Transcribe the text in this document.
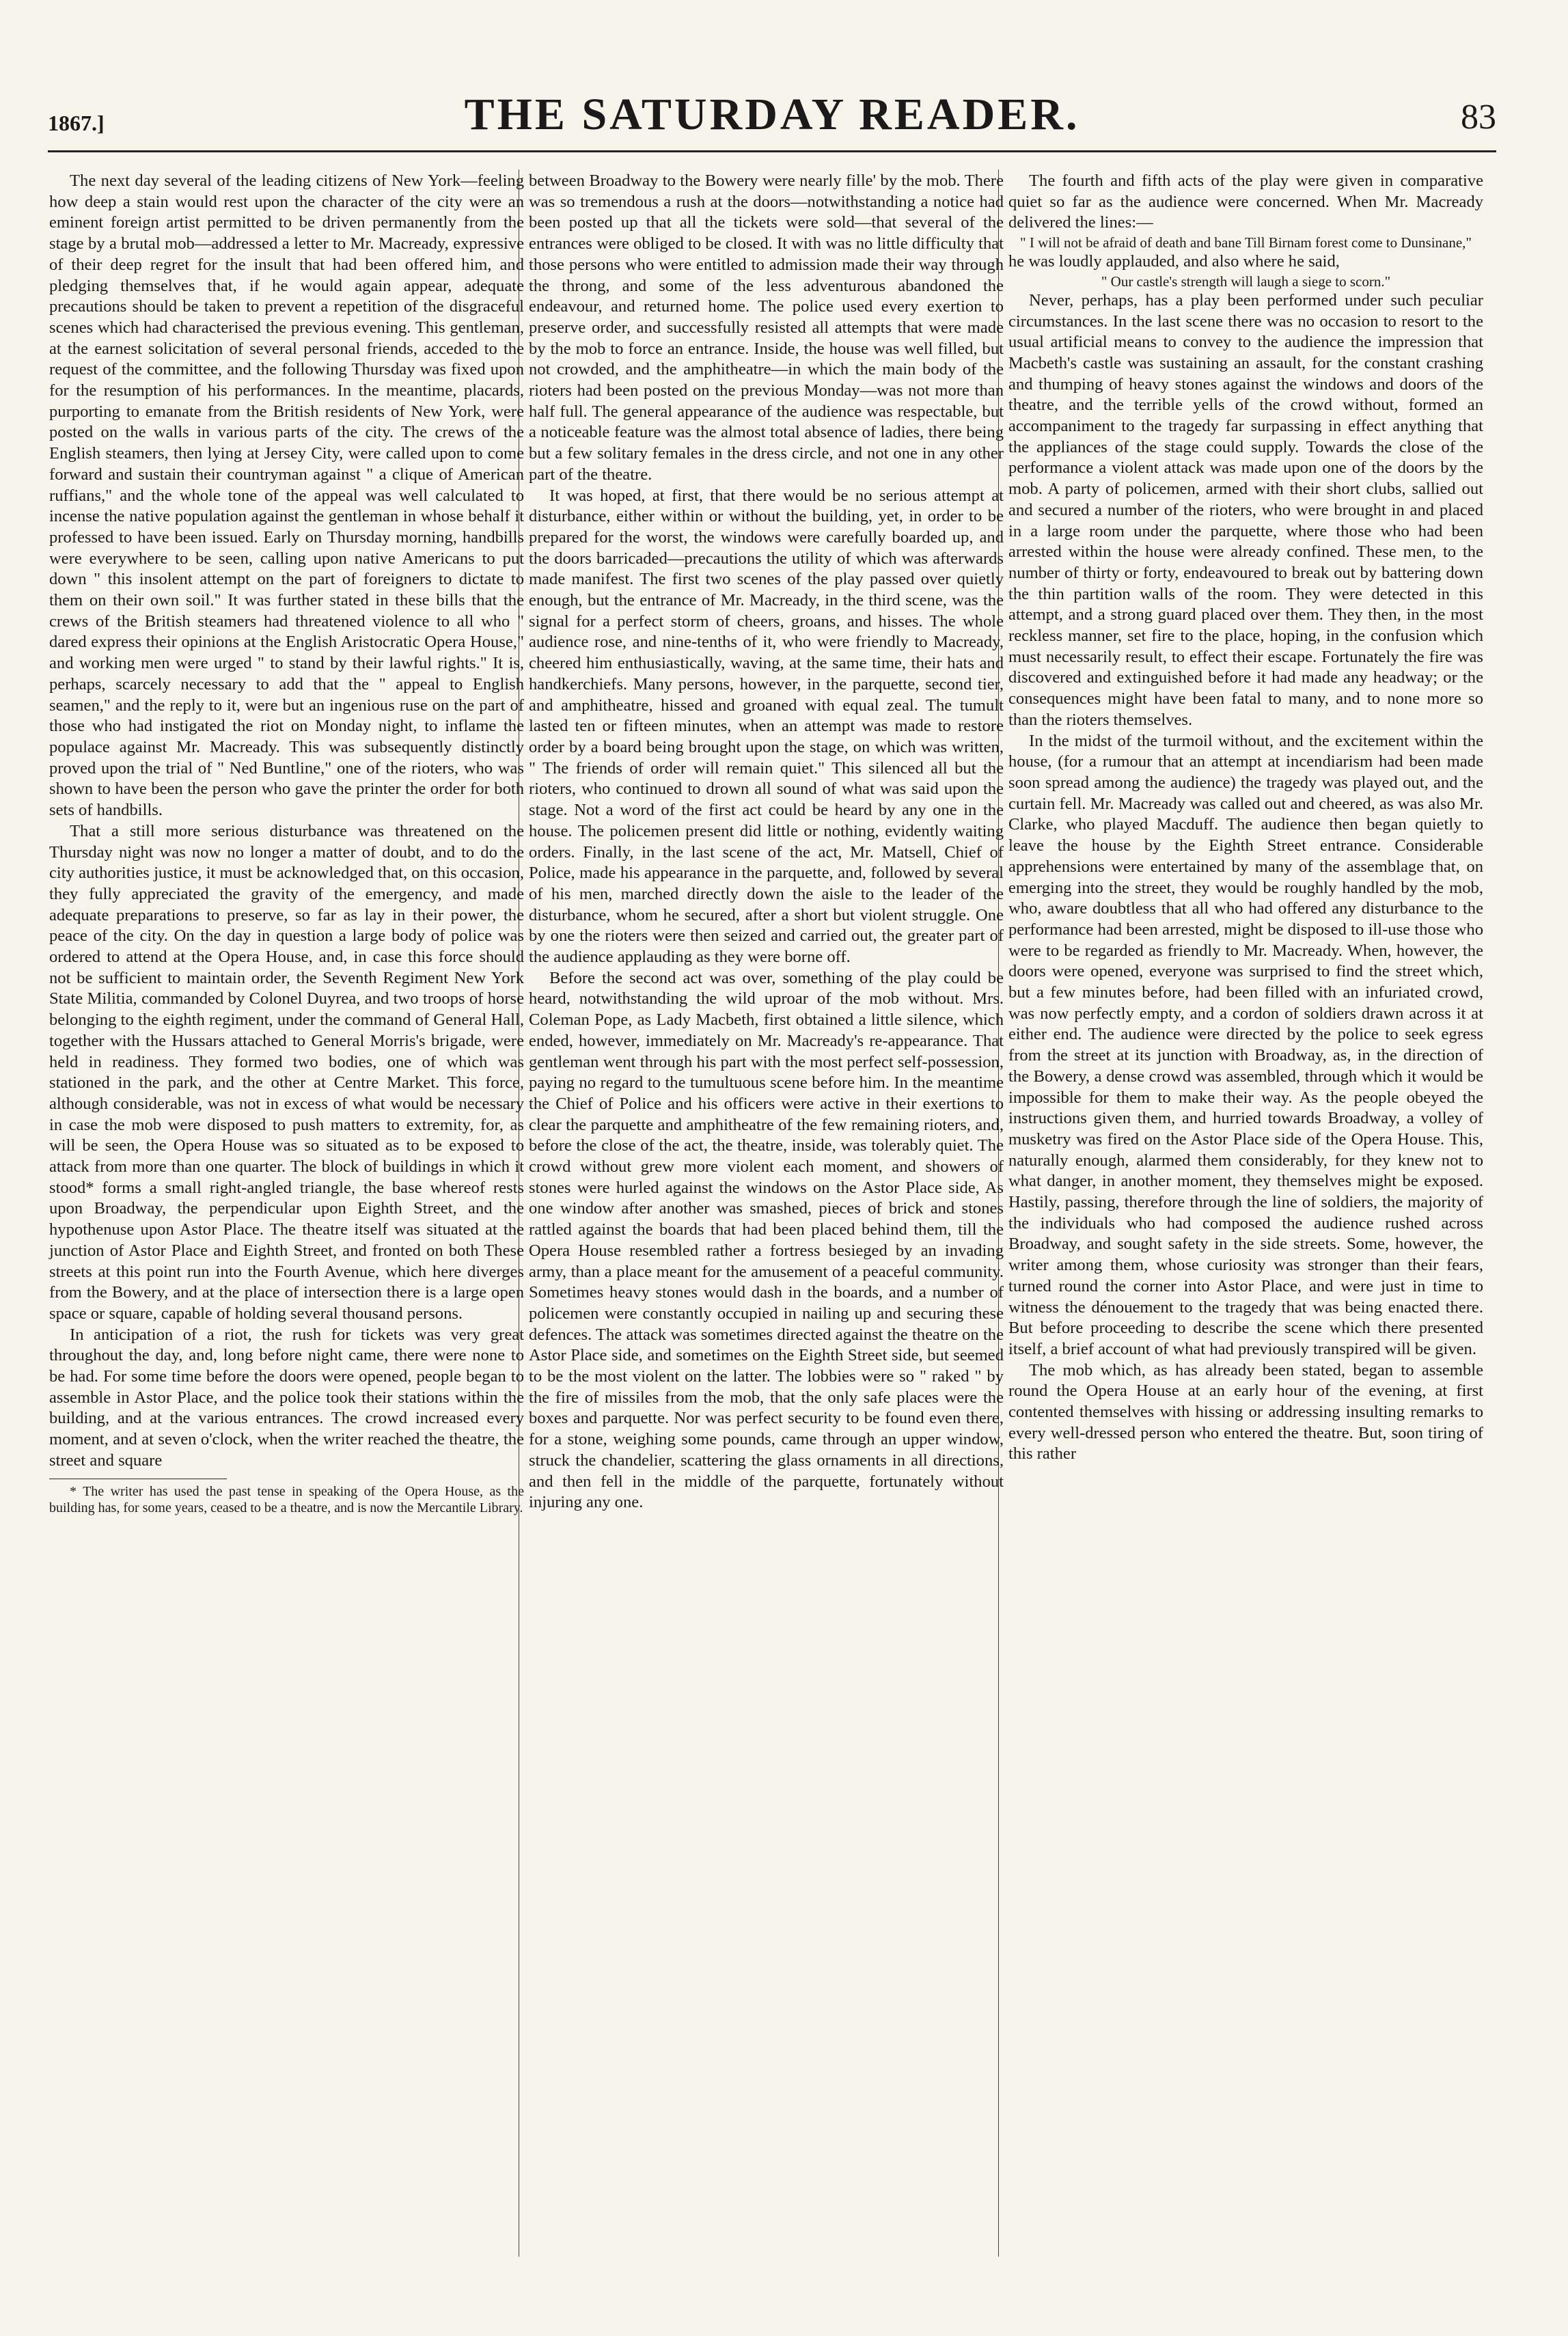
1867.]	THE SATURDAY READER.	83

The next day several of the leading citizens of New York—feeling how deep a stain would rest upon the character of the city were an eminent foreign artist permitted to be driven permanently from the stage by a brutal mob—addressed a letter to Mr. Macready, expressive of their deep regret for the insult that had been offered him, and pledging themselves that, if he would again appear, adequate precautions should be taken to prevent a repetition of the disgraceful scenes which had characterised the previous evening. This gentleman, at the earnest solicitation of several personal friends, acceded to the request of the committee, and the following Thursday was fixed upon for the resumption of his performances. In the meantime, placards, purporting to emanate from the British residents of New York, were posted on the walls in various parts of the city. The crews of the English steamers, then lying at Jersey City, were called upon to come forward and sustain their countryman against " a clique of American ruffians," and the whole tone of the appeal was well calculated to incense the native population against the gentleman in whose behalf it professed to have been issued. Early on Thursday morning, handbills were everywhere to be seen, calling upon native Americans to put down " this insolent attempt on the part of foreigners to dictate to them on their own soil." It was further stated in these bills that the crews of the British steamers had threatened violence to all who " dared express their opinions at the English Aristocratic Opera House," and working men were urged " to stand by their lawful rights." It is, perhaps, scarcely necessary to add that the " appeal to English seamen," and the reply to it, were but an ingenious ruse on the part of those who had instigated the riot on Monday night, to inflame the populace against Mr. Macready. This was subsequently distinctly proved upon the trial of " Ned Buntline," one of the rioters, who was shown to have been the person who gave the printer the order for both sets of handbills.

That a still more serious disturbance was threatened on the Thursday night was now no longer a matter of doubt, and to do the city authorities justice, it must be acknowledged that, on this occasion, they fully appreciated the gravity of the emergency, and made adequate preparations to preserve, so far as lay in their power, the peace of the city. On the day in question a large body of police was ordered to attend at the Opera House, and, in case this force should not be sufficient to maintain order, the Seventh Regiment New York State Militia, commanded by Colonel Duyrea, and two troops of horse belonging to the eighth regiment, under the command of General Hall, together with the Hussars attached to General Morris's brigade, were held in readiness. They formed two bodies, one of which was stationed in the park, and the other at Centre Market. This force, although considerable, was not in excess of what would be necessary in case the mob were disposed to push matters to extremity, for, as will be seen, the Opera House was so situated as to be exposed to attack from more than one quarter. The block of buildings in which it stood* forms a small right-angled triangle, the base whereof rests upon Broadway, the perpendicular upon Eighth Street, and the hypothenuse upon Astor Place. The theatre itself was situated at the junction of Astor Place and Eighth Street, and fronted on both These streets at this point run into the Fourth Avenue, which here diverges from the Bowery, and at the place of intersection there is a large open space or square, capable of holding several thousand persons.

In anticipation of a riot, the rush for tickets was very great throughout the day, and, long before night came, there were none to be had. For some time before the doors were opened, people began to assemble in Astor Place, and the police took their stations within the building, and at the various entrances. The crowd increased every moment, and at seven o'clock, when the writer reached the theatre, the street and square

* The writer has used the past tense in speaking of the Opera House, as the building has, for some years, ceased to be a theatre, and is now the Mercantile Library.

between Broadway to the Bowery were nearly fille' by the mob. There was so tremendous a rush at the doors—notwithstanding a notice had been posted up that all the tickets were sold—that several of the entrances were obliged to be closed. It with was no little difficulty that those persons who were entitled to admission made their way through the throng, and some of the less adventurous abandoned the endeavour, and returned home. The police used every exertion to preserve order, and successfully resisted all attempts that were made by the mob to force an entrance. Inside, the house was well filled, but not crowded, and the amphitheatre—in which the main body of the rioters had been posted on the previous Monday—was not more than half full. The general appearance of the audience was respectable, but a noticeable feature was the almost total absence of ladies, there being but a few solitary females in the dress circle, and not one in any other part of the theatre.

It was hoped, at first, that there would be no serious attempt at disturbance, either within or without the building, yet, in order to be prepared for the worst, the windows were carefully boarded up, and the doors barricaded—precautions the utility of which was afterwards made manifest. The first two scenes of the play passed over quietly enough, but the entrance of Mr. Macready, in the third scene, was the signal for a perfect storm of cheers, groans, and hisses. The whole audience rose, and nine-tenths of it, who were friendly to Macready, cheered him enthusiastically, waving, at the same time, their hats and handkerchiefs. Many persons, however, in the parquette, second tier, and amphitheatre, hissed and groaned with equal zeal. The tumult lasted ten or fifteen minutes, when an attempt was made to restore order by a board being brought upon the stage, on which was written, " The friends of order will remain quiet." This silenced all but the rioters, who continued to drown all sound of what was said upon the stage. Not a word of the first act could be heard by any one in the house. The policemen present did little or nothing, evidently waiting orders. Finally, in the last scene of the act, Mr. Matsell, Chief of Police, made his appearance in the parquette, and, followed by several of his men, marched directly down the aisle to the leader of the disturbance, whom he secured, after a short but violent struggle. One by one the rioters were then seized and carried out, the greater part of the audience applauding as they were borne off.

Before the second act was over, something of the play could be heard, notwithstanding the wild uproar of the mob without. Mrs. Coleman Pope, as Lady Macbeth, first obtained a little silence, which ended, however, immediately on Mr. Macready's re-appearance. That gentleman went through his part with the most perfect self-possession, paying no regard to the tumultuous scene before him. In the meantime the Chief of Police and his officers were active in their exertions to clear the parquette and amphitheatre of the few remaining rioters, and, before the close of the act, the theatre, inside, was tolerably quiet. The crowd without grew more violent each moment, and showers of stones were hurled against the windows on the Astor Place side, As one window after another was smashed, pieces of brick and stones rattled against the boards that had been placed behind them, till the Opera House resembled rather a fortress besieged by an invading army, than a place meant for the amusement of a peaceful community. Sometimes heavy stones would dash in the boards, and a number of policemen were constantly occupied in nailing up and securing these defences. The attack was sometimes directed against the theatre on the Astor Place side, and sometimes on the Eighth Street side, but seemed to be the most violent on the latter. The lobbies were so " raked " by the fire of missiles from the mob, that the only safe places were the boxes and parquette. Nor was perfect security to be found even there, for a stone, weighing some pounds, came through an upper window, struck the chandelier, scattering the glass ornaments in all directions, and then fell in the middle of the parquette, fortunately without injuring any one.

The fourth and fifth acts of the play were given in comparative quiet so far as the audience were concerned. When Mr. Macready delivered the lines:—

" I will not be afraid of death and bane Till Birnam forest come to Dunsinane,"

he was loudly applauded, and also where he said,

" Our castle's strength will laugh a siege to scorn."

Never, perhaps, has a play been performed under such peculiar circumstances. In the last scene there was no occasion to resort to the usual artificial means to convey to the audience the impression that Macbeth's castle was sustaining an assault, for the constant crashing and thumping of heavy stones against the windows and doors of the theatre, and the terrible yells of the crowd without, formed an accompaniment to the tragedy far surpassing in effect anything that the appliances of the stage could supply. Towards the close of the performance a violent attack was made upon one of the doors by the mob. A party of policemen, armed with their short clubs, sallied out and secured a number of the rioters, who were brought in and placed in a large room under the parquette, where those who had been arrested within the house were already confined. These men, to the number of thirty or forty, endeavoured to break out by battering down the thin partition walls of the room. They were detected in this attempt, and a strong guard placed over them. They then, in the most reckless manner, set fire to the place, hoping, in the confusion which must necessarily result, to effect their escape. Fortunately the fire was discovered and extinguished before it had made any headway; or the consequences might have been fatal to many, and to none more so than the rioters themselves.

In the midst of the turmoil without, and the excitement within the house, (for a rumour that an attempt at incendiarism had been made soon spread among the audience) the tragedy was played out, and the curtain fell. Mr. Macready was called out and cheered, as was also Mr. Clarke, who played Macduff. The audience then began quietly to leave the house by the Eighth Street entrance. Considerable apprehensions were entertained by many of the assemblage that, on emerging into the street, they would be roughly handled by the mob, who, aware doubtless that all who had offered any disturbance to the performance had been arrested, might be disposed to ill-use those who were to be regarded as friendly to Mr. Macready. When, however, the doors were opened, everyone was surprised to find the street which, but a few minutes before, had been filled with an infuriated crowd, was now perfectly empty, and a cordon of soldiers drawn across it at either end. The audience were directed by the police to seek egress from the street at its junction with Broadway, as, in the direction of the Bowery, a dense crowd was assembled, through which it would be impossible for them to make their way. As the people obeyed the instructions given them, and hurried towards Broadway, a volley of musketry was fired on the Astor Place side of the Opera House. This, naturally enough, alarmed them considerably, for they knew not to what danger, in another moment, they themselves might be exposed. Hastily, passing, therefore through the line of soldiers, the majority of the individuals who had composed the audience rushed across Broadway, and sought safety in the side streets. Some, however, the writer among them, whose curiosity was stronger than their fears, turned round the corner into Astor Place, and were just in time to witness the dénouement to the tragedy that was being enacted there. But before proceeding to describe the scene which there presented itself, a brief account of what had previously transpired will be given.

The mob which, as has already been stated, began to assemble round the Opera House at an early hour of the evening, at first contented themselves with hissing or addressing insulting remarks to every well-dressed person who entered the theatre. But, soon tiring of this rather
